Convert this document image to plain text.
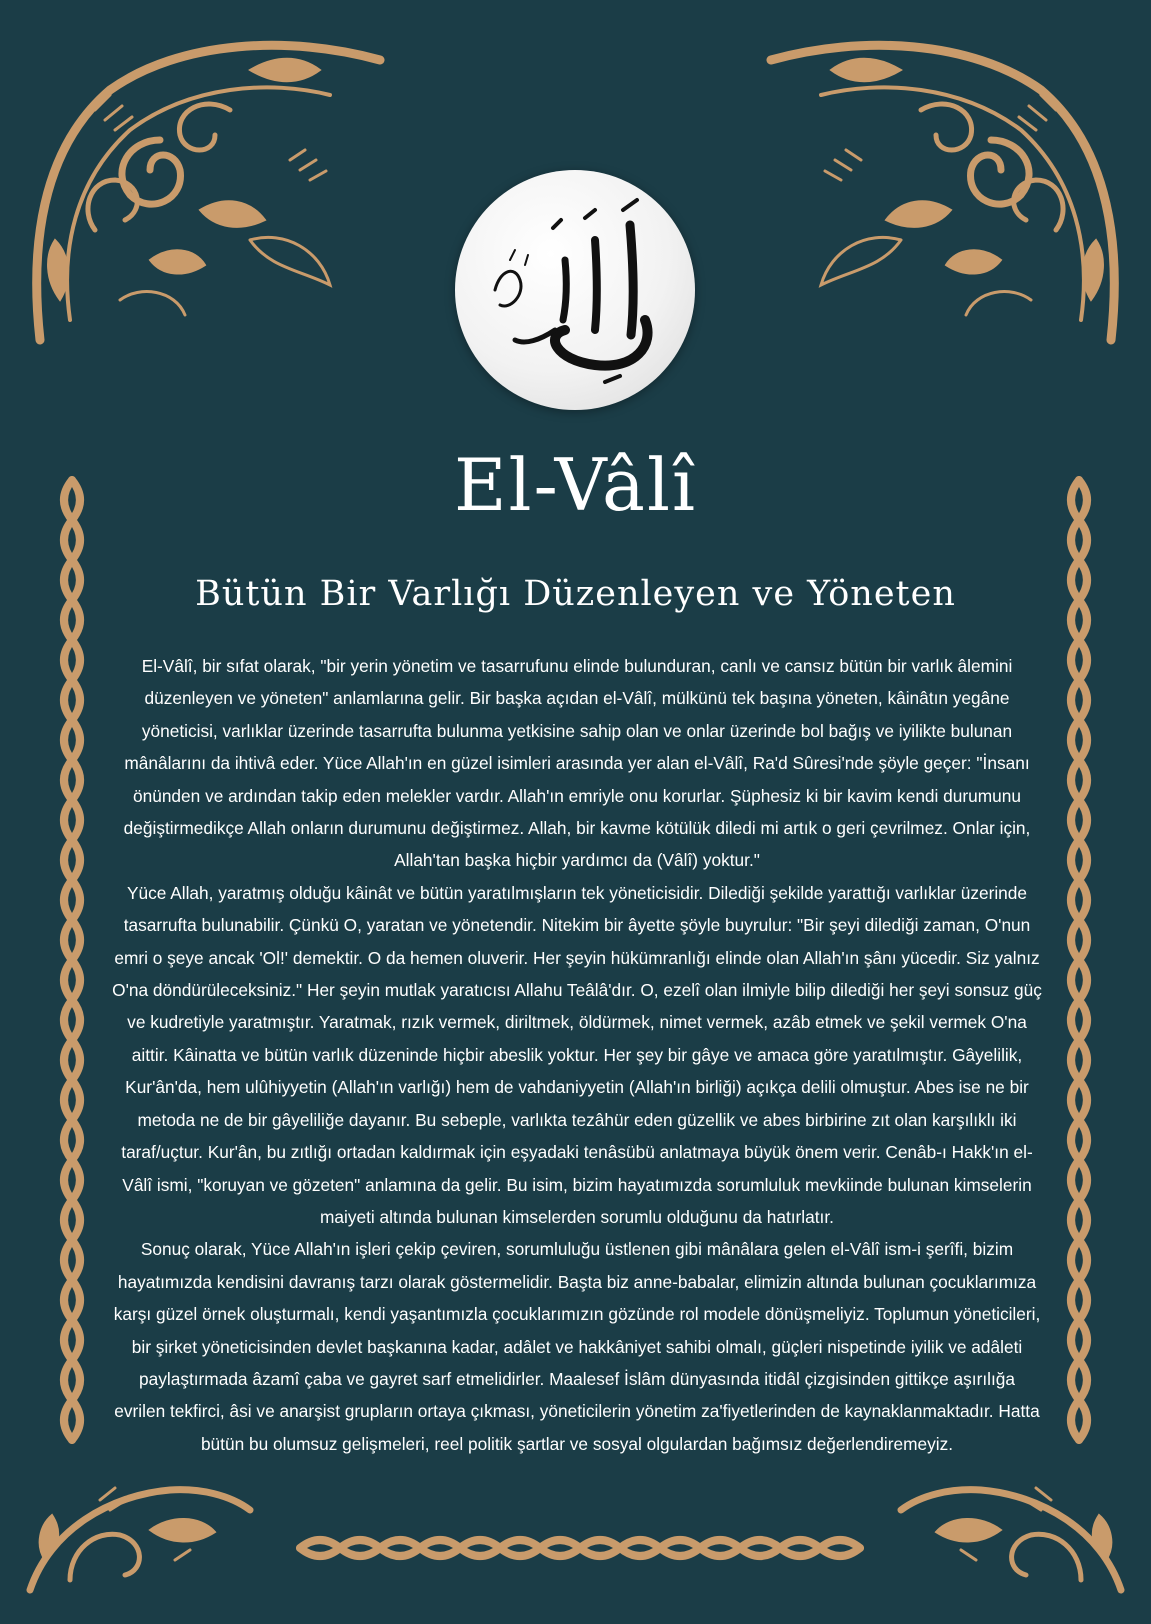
El-Vâlî
Bütün Bir Varlığı Düzenleyen ve Yöneten

El-Vâlî, bir sıfat olarak, "bir yerin yönetim ve tasarrufunu elinde bulunduran, canlı ve cansız bütün bir varlık âlemini düzenleyen ve yöneten" anlamlarına gelir. Bir başka açıdan el-Vâlî, mülkünü tek başına yöneten, kâinâtın yegâne yöneticisi, varlıklar üzerinde tasarrufta bulunma yetkisine sahip olan ve onlar üzerinde bol bağış ve iyilikte bulunan mânâlarını da ihtivâ eder. Yüce Allah'ın en güzel isimleri arasında yer alan el-Vâlî, Ra'd Sûresi'nde şöyle geçer: "İnsanı önünden ve ardından takip eden melekler vardır. Allah'ın emriyle onu korurlar. Şüphesiz ki bir kavim kendi durumunu değiştirmedikçe Allah onların durumunu değiştirmez. Allah, bir kavme kötülük diledi mi artık o geri çevrilmez. Onlar için, Allah'tan başka hiçbir yardımcı da (Vâlî) yoktur."

Yüce Allah, yaratmış olduğu kâinât ve bütün yaratılmışların tek yöneticisidir. Dilediği şekilde yarattığı varlıklar üzerinde tasarrufta bulunabilir. Çünkü O, yaratan ve yönetendir. Nitekim bir âyette şöyle buyrulur: "Bir şeyi dilediği zaman, O'nun emri o şeye ancak 'Ol!' demektir. O da hemen oluverir. Her şeyin hükümranlığı elinde olan Allah'ın şânı yücedir. Siz yalnız O'na döndürüleceksiniz." Her şeyin mutlak yaratıcısı Allahu Teâlâ'dır. O, ezelî olan ilmiyle bilip dilediği her şeyi sonsuz güç ve kudretiyle yaratmıştır. Yaratmak, rızık vermek, diriltmek, öldürmek, nimet vermek, azâb etmek ve şekil vermek O'na aittir. Kâinatta ve bütün varlık düzeninde hiçbir abeslik yoktur. Her şey bir gâye ve amaca göre yaratılmıştır. Gâyelilik, Kur'ân'da, hem ulûhiyyetin (Allah'ın varlığı) hem de vahdaniyyetin (Allah'ın birliği) açıkça delili olmuştur. Abes ise ne bir metoda ne de bir gâyeliliğe dayanır. Bu sebeple, varlıkta tezâhür eden güzellik ve abes birbirine zıt olan karşılıklı iki taraf/uçtur. Kur'ân, bu zıtlığı ortadan kaldırmak için eşyadaki tenâsübü anlatmaya büyük önem verir. Cenâb-ı Hakk'ın el-Vâlî ismi, "koruyan ve gözeten" anlamına da gelir. Bu isim, bizim hayatımızda sorumluluk mevkiinde bulunan kimselerin maiyeti altında bulunan kimselerden sorumlu olduğunu da hatırlatır.

Sonuç olarak, Yüce Allah'ın işleri çekip çeviren, sorumluluğu üstlenen gibi mânâlara gelen el-Vâlî ism-i şerîfi, bizim hayatımızda kendisini davranış tarzı olarak göstermelidir. Başta biz anne-babalar, elimizin altında bulunan çocuklarımıza karşı güzel örnek oluşturmalı, kendi yaşantımızla çocuklarımızın gözünde rol modele dönüşmeliyiz. Toplumun yöneticileri, bir şirket yöneticisinden devlet başkanına kadar, adâlet ve hakkâniyet sahibi olmalı, güçleri nispetinde iyilik ve adâleti paylaştırmada âzamî çaba ve gayret sarf etmelidirler. Maalesef İslâm dünyasında itidâl çizgisinden gittikçe aşırılığa evrilen tekfirci, âsi ve anarşist grupların ortaya çıkması, yöneticilerin yönetim za'fiyetlerinden de kaynaklanmaktadır. Hatta bütün bu olumsuz gelişmeleri, reel politik şartlar ve sosyal olgulardan bağımsız değerlendiremeyiz.
